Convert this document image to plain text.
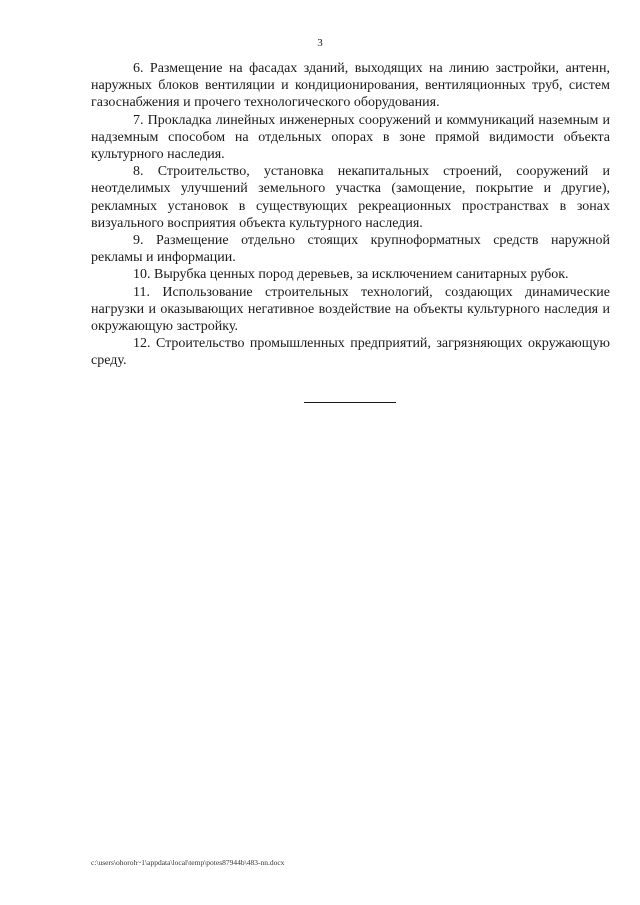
3

6. Размещение на фасадах зданий, выходящих на линию застройки, антенн, наружных блоков вентиляции и кондиционирования, вентиляционных труб, систем газоснабжения и прочего технологического оборудования.

7. Прокладка линейных инженерных сооружений и коммуникаций наземным и надземным способом на отдельных опорах в зоне прямой видимости объекта культурного наследия.

8. Строительство, установка некапитальных строений, сооружений и неотделимых улучшений земельного участка (замощение, покрытие и другие), рекламных установок в существующих рекреационных пространствах в зонах визуального восприятия объекта культурного наследия.

9. Размещение отдельно стоящих крупноформатных средств наружной рекламы и информации.

10. Вырубка ценных пород деревьев, за исключением санитарных рубок.

11. Использование строительных технологий, создающих динамические нагрузки и оказывающих негативное воздействие на объекты культурного наследия и окружающую застройку.

12. Строительство промышленных предприятий, загрязняющих окружающую среду.

c:\users\ohoroh~1\appdata\local\temp\potes87944b\483-nn.docx
